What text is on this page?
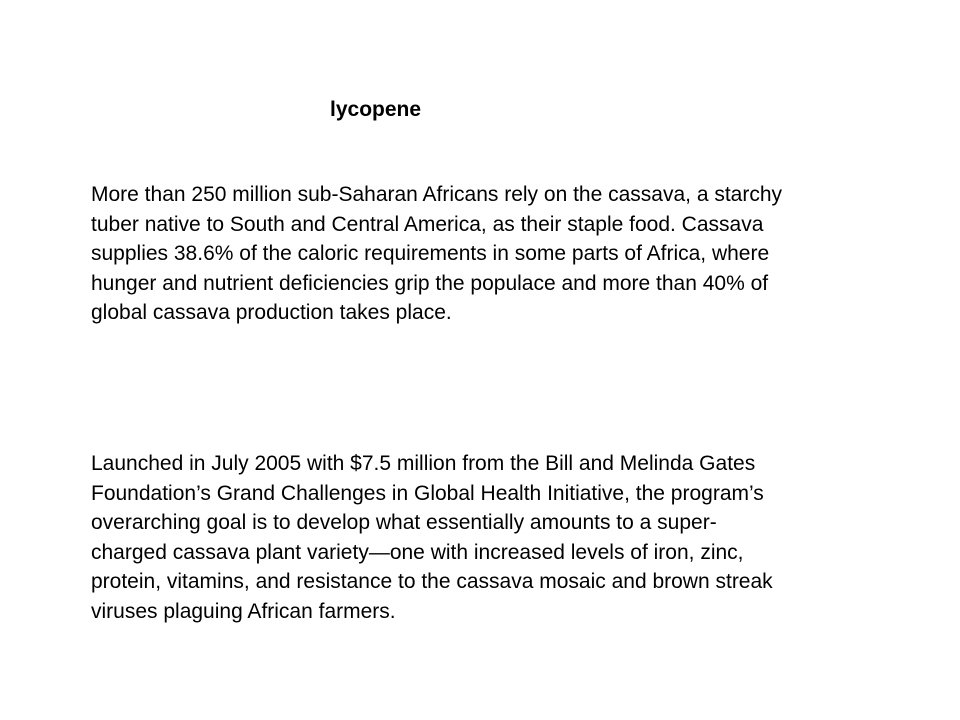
lycopene
More than 250 million sub-Saharan Africans rely on the cassava, a starchy
tuber native to South and Central America, as their staple food. Cassava
supplies 38.6% of the caloric requirements in some parts of Africa, where
hunger and nutrient deficiencies grip the populace and more than 40% of
global cassava production takes place.
Launched in July 2005 with $7.5 million from the Bill and Melinda Gates
Foundation’s Grand Challenges in Global Health Initiative, the program’s
overarching goal is to develop what essentially amounts to a super-
charged cassava plant variety—one with increased levels of iron, zinc,
protein, vitamins, and resistance to the cassava mosaic and brown streak
viruses plaguing African farmers.
